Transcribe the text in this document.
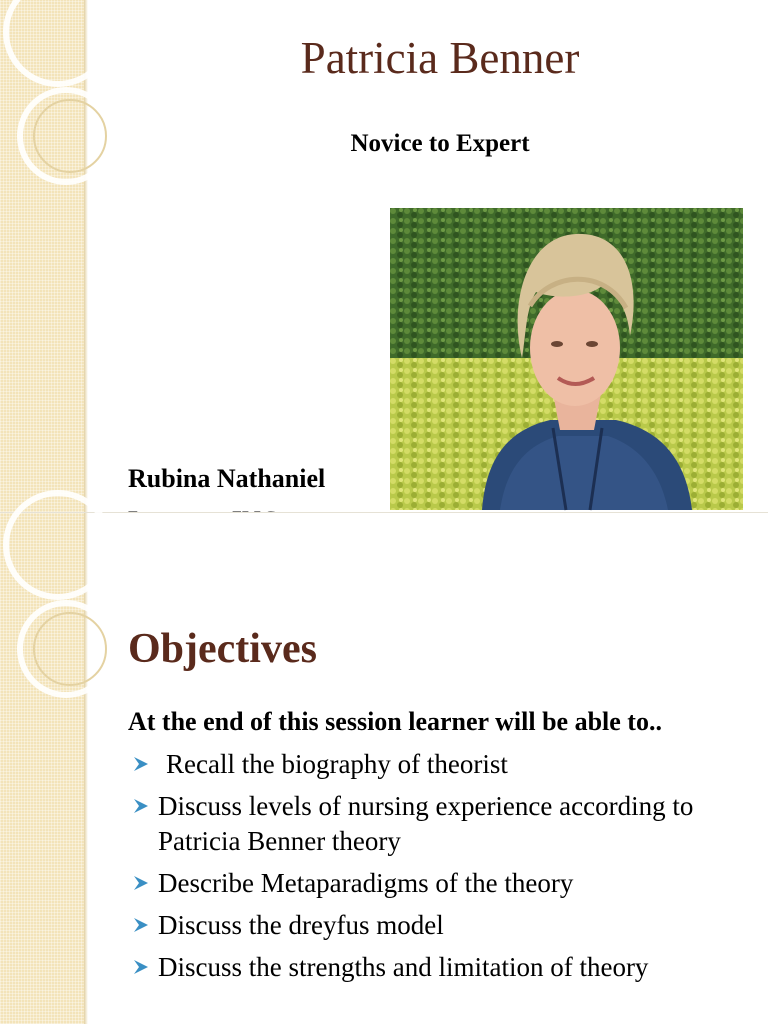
Patricia Benner
Novice to Expert
Rubina Nathaniel
Objectives
At the end of this session learner will be able to..
Recall the biography of theorist
Discuss levels of nursing experience according to Patricia Benner theory
Describe Metaparadigms of the theory
Discuss the dreyfus model
Discuss the strengths and limitation of theory
